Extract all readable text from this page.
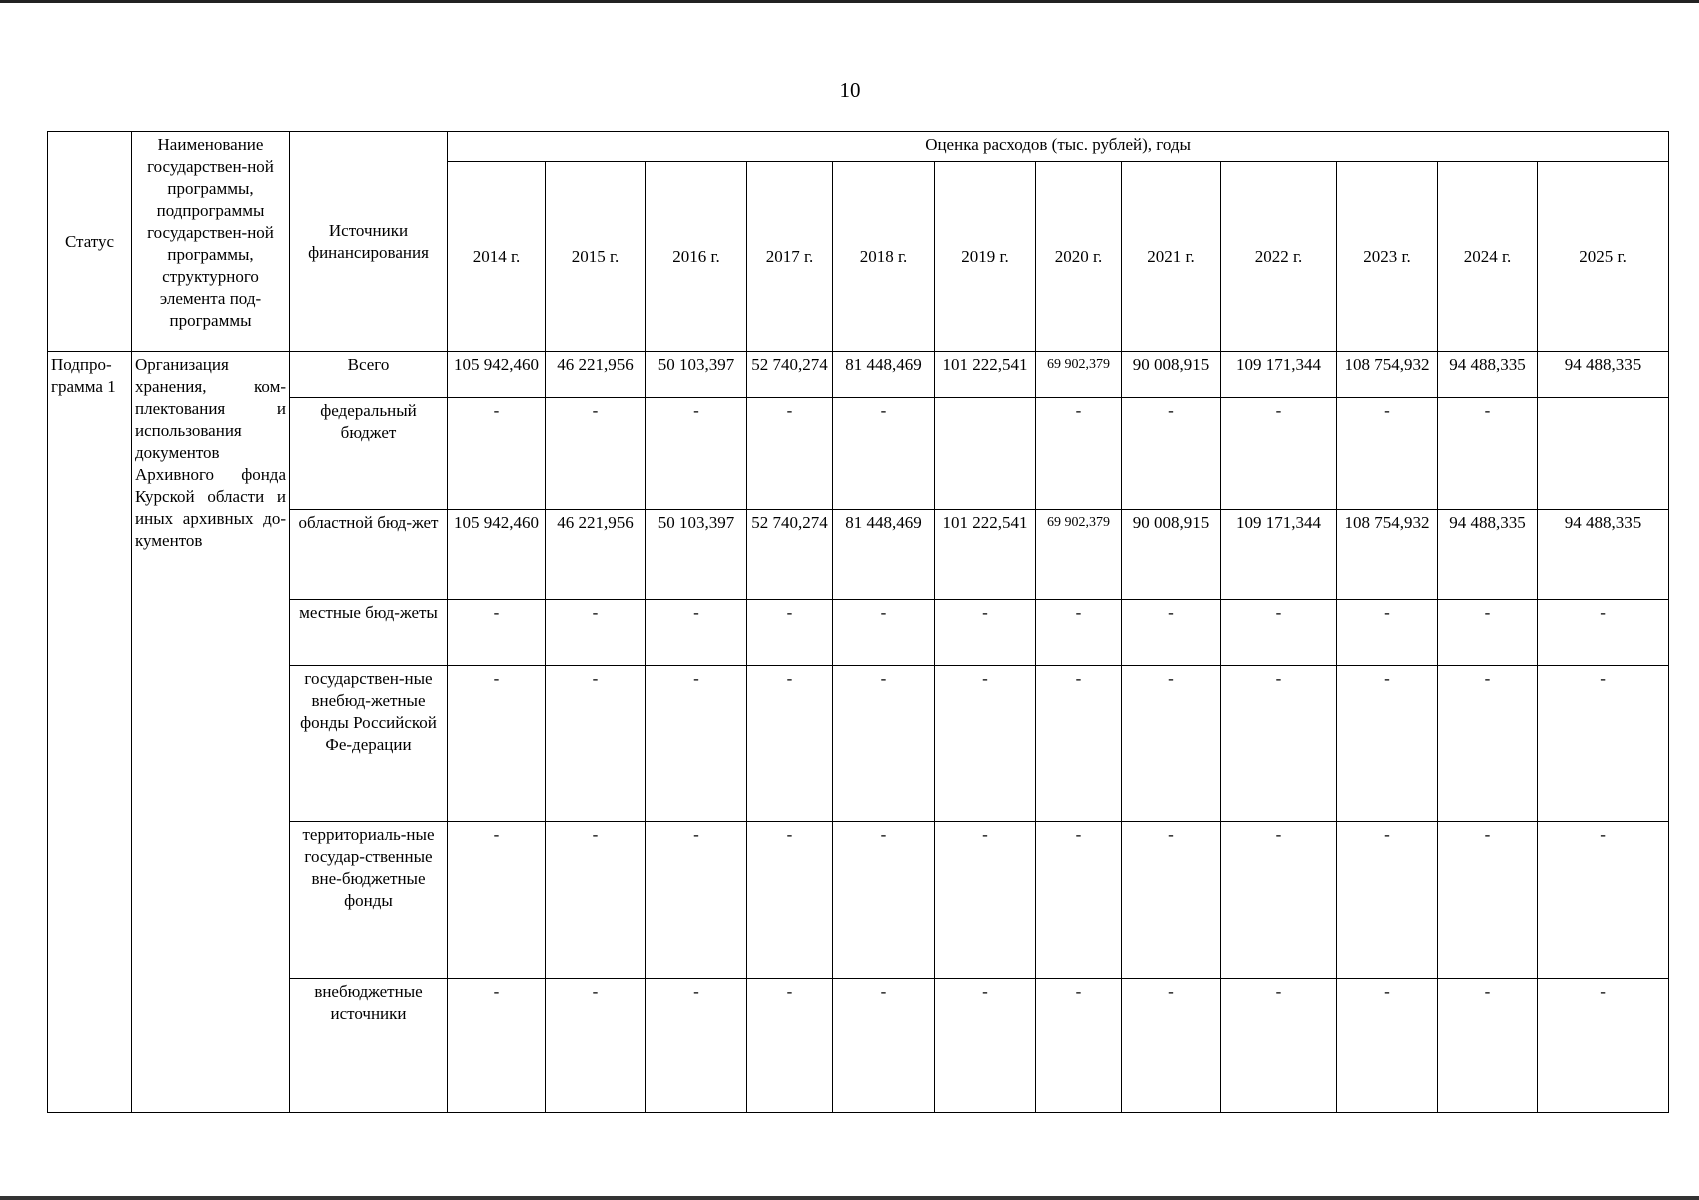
10
Статус	Наименование государствен-ной программы, подпрограммы государствен-ной программы, структурного элемента под-программы	Источники финансирования	Оценка расходов (тыс. рублей), годы											
			2014 г.	2015 г.	2016 г.	2017 г.	2018 г.	2019 г.	2020 г.	2021 г.	2022 г.	2023 г.	2024 г.	2025 г.
Подпро-грамма 1	Организация хранения, ком-плектования и использования документов Архивного фонда Курской области и иных архивных до-кументов	Всего	105 942,460	46 221,956	50 103,397	52 740,274	81 448,469	101 222,541	69 902,379	90 008,915	109 171,344	108 754,932	94 488,335	94 488,335
		федеральный бюджет	-	-	-	-	-		-	-	-	-	-	
		областной бюд-жет	105 942,460	46 221,956	50 103,397	52 740,274	81 448,469	101 222,541	69 902,379	90 008,915	109 171,344	108 754,932	94 488,335	94 488,335
		местные бюд-жеты	-	-	-	-	-	-	-	-	-	-	-	-
		государствен-ные внебюд-жетные фонды Российской Фе-дерации	-	-	-	-	-	-	-	-	-	-	-	-
		территориаль-ные государ-ственные вне-бюджетные фонды	-	-	-	-	-	-	-	-	-	-	-	-
		внебюджетные источники	-	-	-	-	-	-	-	-	-	-	-	-
